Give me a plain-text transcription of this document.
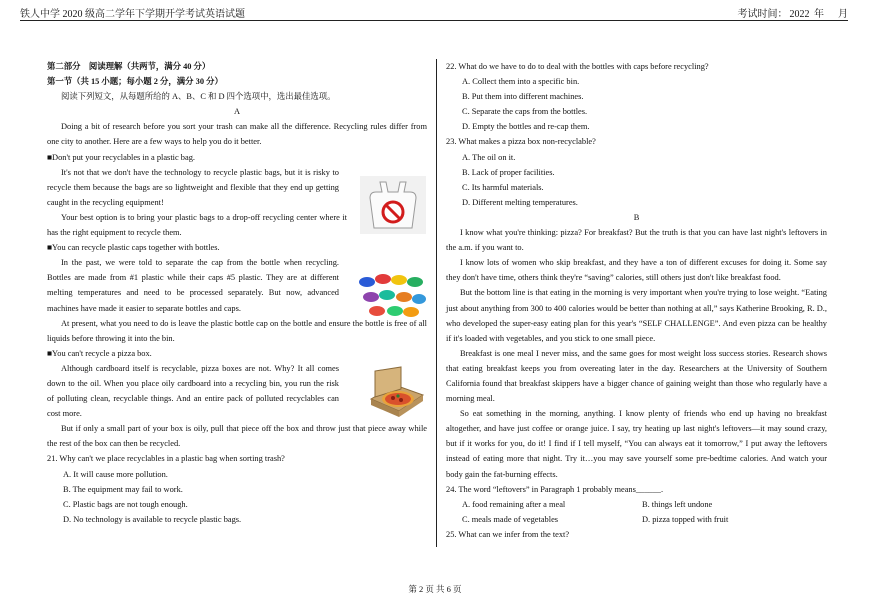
铁人中学 2020 级高二学年下学期开学考试英语试题	考试时间： 2022 年 月

第二部分　阅读理解（共两节，满分 40 分）

第一节（共 15 小题；每小题 2 分，满分 30 分）

阅读下列短文，从每题所给的 A、B、C 和 D 四个选项中，选出最佳选项。

A

Doing a bit of research before you sort your trash can make all the difference. Recycling rules differ from one city to another. Here are a few ways to help you do it better.

■Don't put your recyclables in a plastic bag.

It's not that we don't have the technology to recycle plastic bags, but it is risky to recycle them because the bags are so lightweight and flexible that they end up getting caught in the recycling equipment!

Your best option is to bring your plastic bags to a drop-off recycling center where it has the right equipment to recycle them.

■You can recycle plastic caps together with bottles.

In the past, we were told to separate the cap from the bottle when recycling. Bottles are made from #1 plastic while their caps #5 plastic. They are at different melting temperatures and need to be processed separately. But now, advanced machines have made it easier to separate bottles and caps.

At present, what you need to do is leave the plastic bottle cap on the bottle and ensure the bottle is free of all liquids before throwing it into the bin.

■You can't recycle a pizza box.

Although cardboard itself is recyclable, pizza boxes are not. Why? It all comes down to the oil. When you place oily cardboard into a recycling bin, you run the risk of polluting clean, recyclable things. And an entire pack of polluted recyclables can cost more.

But if only a small part of your box is oily, pull that piece off the box and throw just that piece away while the rest of the box can then be recycled.

21. Why can't we place recyclables in a plastic bag when sorting trash?

A. It will cause more pollution.

B. The equipment may fail to work.

C. Plastic bags are not tough enough.

D. No technology is available to recycle plastic bags.

22. What do we have to do to deal with the bottles with caps before recycling?

A. Collect them into a specific bin.

B. Put them into different machines.

C. Separate the caps from the bottles.

D. Empty the bottles and re-cap them.

23. What makes a pizza box non-recyclable?

A. The oil on it.

B. Lack of proper facilities.

C. Its harmful materials.

D. Different melting temperatures.

B

I know what you're thinking: pizza? For breakfast? But the truth is that you can have last night's leftovers in the a.m. if you want to.

I know lots of women who skip breakfast, and they have a ton of different excuses for doing it. Some say they don't have time, others think they're “saving” calories, still others just don't like breakfast food.

But the bottom line is that eating in the morning is very important when you're trying to lose weight. “Eating just about anything from 300 to 400 calories would be better than nothing at all,” says Katherine Brooking, R. D., who developed the super-easy eating plan for this year's “SELF CHALLENGE”. And even pizza can be healthy if it's loaded with vegetables, and you stick to one small piece.

Breakfast is one meal I never miss, and the same goes for most weight loss success stories. Research shows that eating breakfast keeps you from overeating later in the day. Researchers at the University of Southern California found that breakfast skippers have a bigger chance of gaining weight than those who regularly have a morning meal.

So eat something in the morning, anything. I know plenty of friends who end up having no breakfast altogether, and have just coffee or orange juice. I say, try heating up last night's leftovers—it may sound crazy, but if it works for you, do it! I find if I tell myself, “You can always eat it tomorrow,” I put away the leftovers instead of eating more that night. Try it…you may save yourself some pre-bedtime calories. And watch your body gain the fat-burning effects.

24. The word “leftovers” in Paragraph 1 probably means______.

A. food remaining after a meal	B. things left undone

C. meals made of vegetables	D. pizza topped with fruit

25. What can we infer from the text?

第 2 页 共 6 页
